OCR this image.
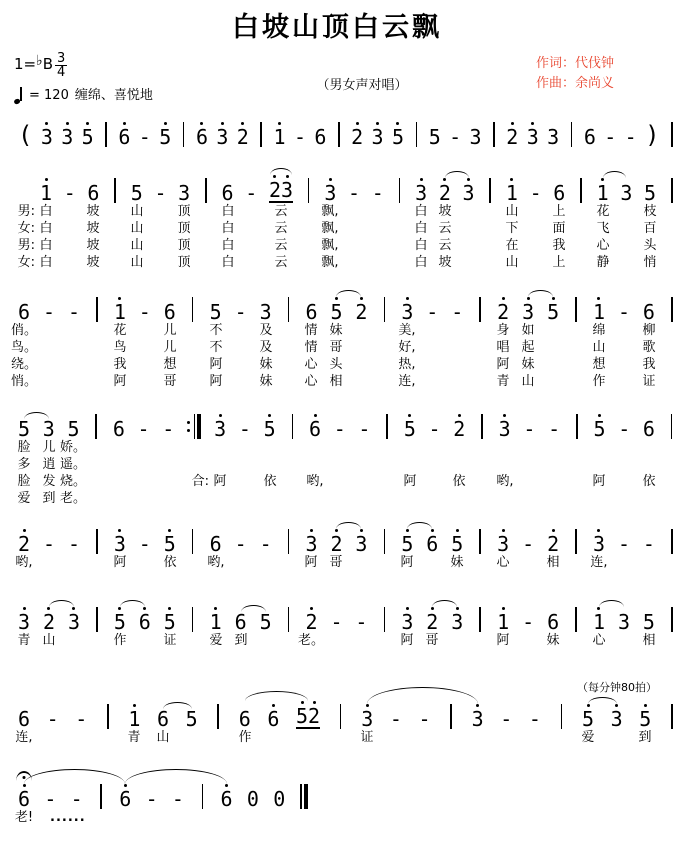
白坡山顶白云飘
1=♭B $\frac{3}{4}$
= 120 缠绵、喜悦地
（男女声对唱）
作词：代伐钟
作曲：余尚义
( 3 3 5 6 - 5 6 3 2 1 - 6 2 3 5 5 - 3 2 3 3 6 - - )
1 - 6 5 - 3 6 - 2 3 3 - - 3 2 3 1 - 6 1 3 5
男: 白	坡 山	顶 白	云	飘,	白 坡	山	上 花	枝
女: 白	坡 山	顶 白	云	飘,	白 云	下	面 飞	百
男: 白	坡 山	顶 白	云	飘,	白 云	在	我 心	头
女: 白	坡 山	顶 白	云	飘,	白 坡	山	上 静	悄
6 - - 1 - 6 5 - 3 6 5 2 3 - - 2 3 5 1 - 6
俏。	花	儿	不	及 情 妹	美,	身 如	绵	柳
鸟。	鸟	儿	不	及 情 哥	好,	唱 起	山	歌
绕。	我	想	阿	妹 心 头	热,	阿 妹	想	我
悄。	阿	哥	阿	妹 心 相	连,	青 山	作	证
5 3 5 6 - - 3 - 5 6 - - 5 - 2 3 - - 5 - 6
脸 儿 娇。
多 逍 遥。
脸 发 烧。	合: 阿	依 哟,	阿	依 哟,	阿	依
爱 到 老。
2 - - 3 - 5 6 - - 3 2 3 5 6 5 3 - 2 3 - -
哟,	阿	依 哟,	阿 哥	阿	妹	心	相 连,
3 2 3 5 6 5 1 6 5 2 - - 3 2 3 1 - 6 1 3 5
青 山	作	证	爱 到	老。	阿 哥	阿	妹	心	相
6 - - 1 6 5 6 6 5 2 3 - - 3 - - 5 3 5
连,	青 山	作	证	爱	到
（每分钟80拍）
6 - - 6 - - 6 0 0
老! ......
